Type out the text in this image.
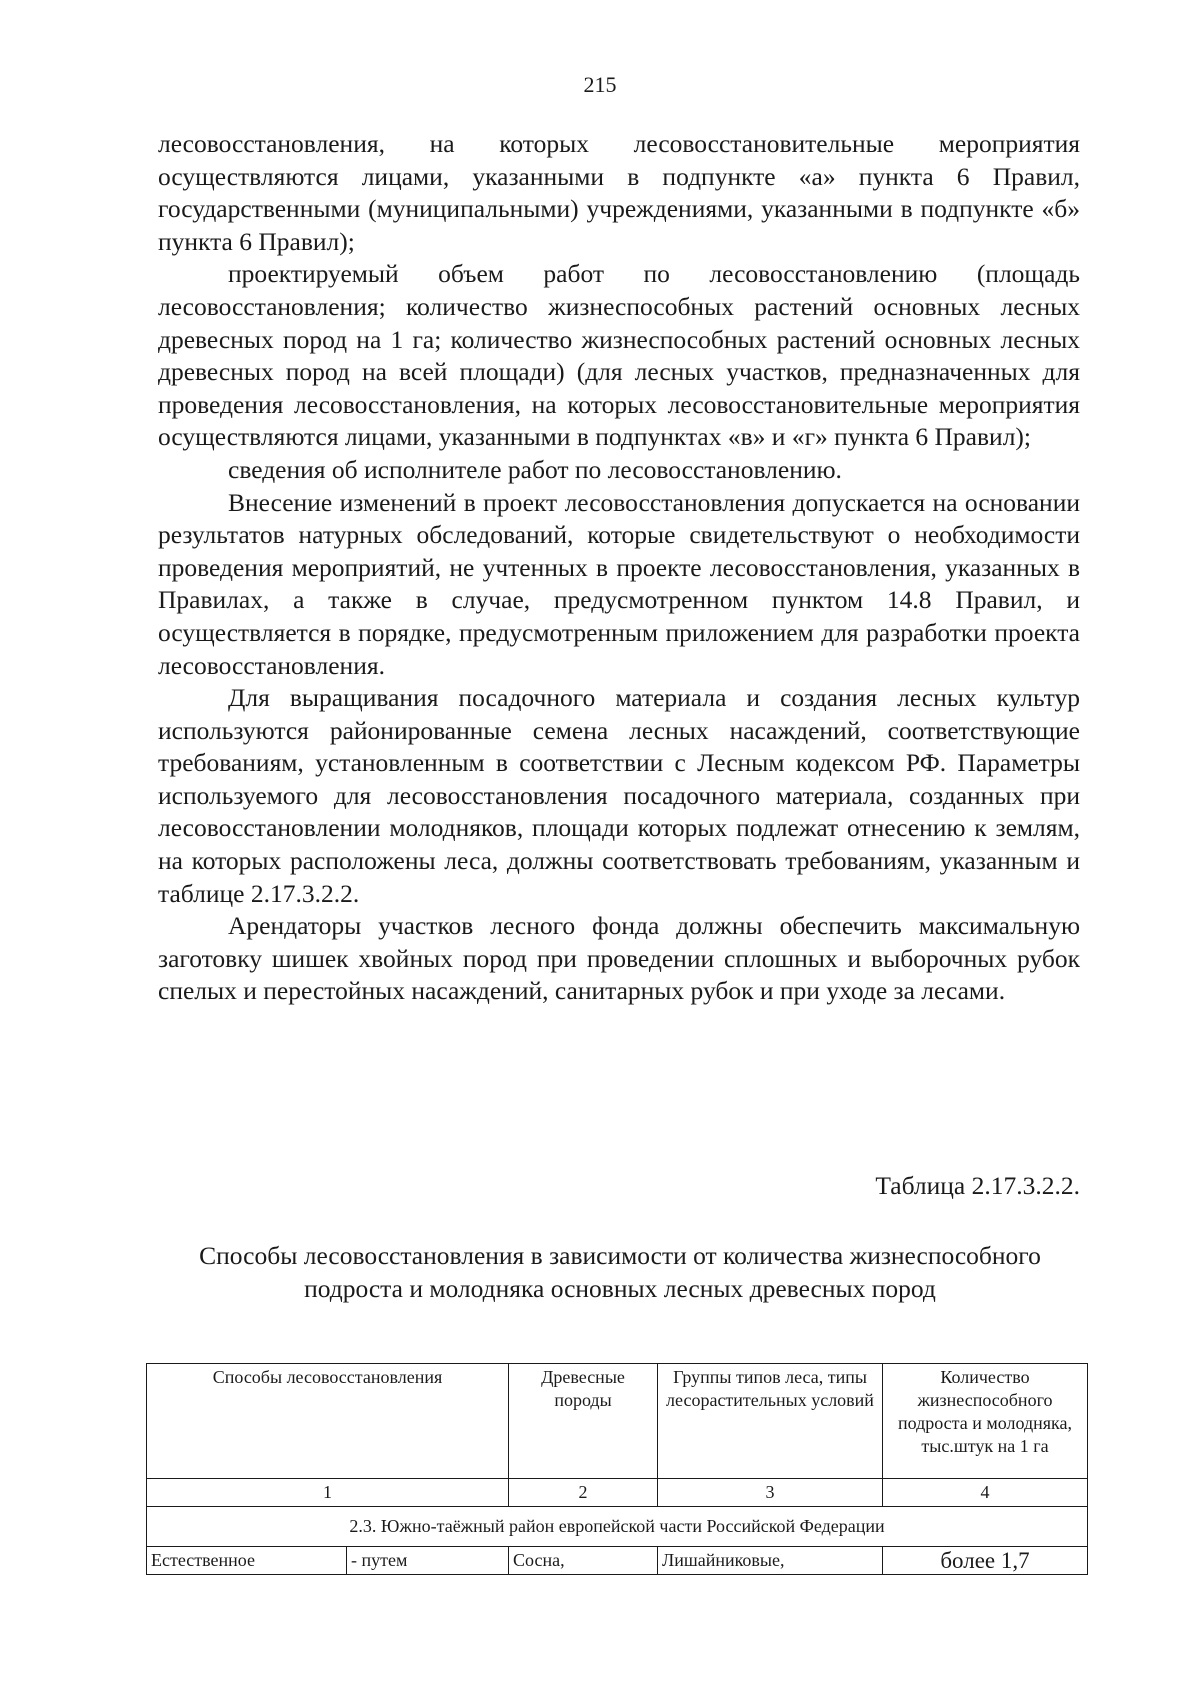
215

лесовосстановления, на которых лесовосстановительные мероприятия осуществляются лицами, указанными в подпункте «а» пункта 6 Правил, государственными (муниципальными) учреждениями, указанными в подпункте «б» пункта 6 Правил);

проектируемый объем работ по лесовосстановлению (площадь лесовосстановления; количество жизнеспособных растений основных лесных древесных пород на 1 га; количество жизнеспособных растений основных лесных древесных пород на всей площади) (для лесных участков, предназначенных для проведения лесовосстановления, на которых лесовосстановительные мероприятия осуществляются лицами, указанными в подпунктах «в» и «г» пункта 6 Правил);

сведения об исполнителе работ по лесовосстановлению.

Внесение изменений в проект лесовосстановления допускается на основании результатов натурных обследований, которые свидетельствуют о необходимости проведения мероприятий, не учтенных в проекте лесовосстановления, указанных в Правилах, а также в случае, предусмотренном пунктом 14.8 Правил, и осуществляется в порядке, предусмотренным приложением для разработки проекта лесовосстановления.

Для выращивания посадочного материала и создания лесных культур используются районированные семена лесных насаждений, соответствующие требованиям, установленным в соответствии с Лесным кодексом РФ. Параметры используемого для лесовосстановления посадочного материала, созданных при лесовосстановлении молодняков, площади которых подлежат отнесению к землям, на которых расположены леса, должны соответствовать требованиям, указанным и таблице 2.17.3.2.2.

Арендаторы участков лесного фонда должны обеспечить максимальную заготовку шишек хвойных пород при проведении сплошных и выборочных рубок спелых и перестойных насаждений, санитарных рубок и при уходе за лесами.

Таблица 2.17.3.2.2.
Способы лесовосстановления в зависимости от количества жизнеспособного подроста и молодняка основных лесных древесных пород
Способы лесовосстановления		Древесные породы	Группы типов леса, типы лесорастительных условий	Количество жизнеспособного подроста и молодняка, тыс.штук на 1 га
1		2	3	4
2.3. Южно-таёжный район европейской части Российской Федерации				
Естественное	- путем	Сосна,	Лишайниковые,	более 1,7
